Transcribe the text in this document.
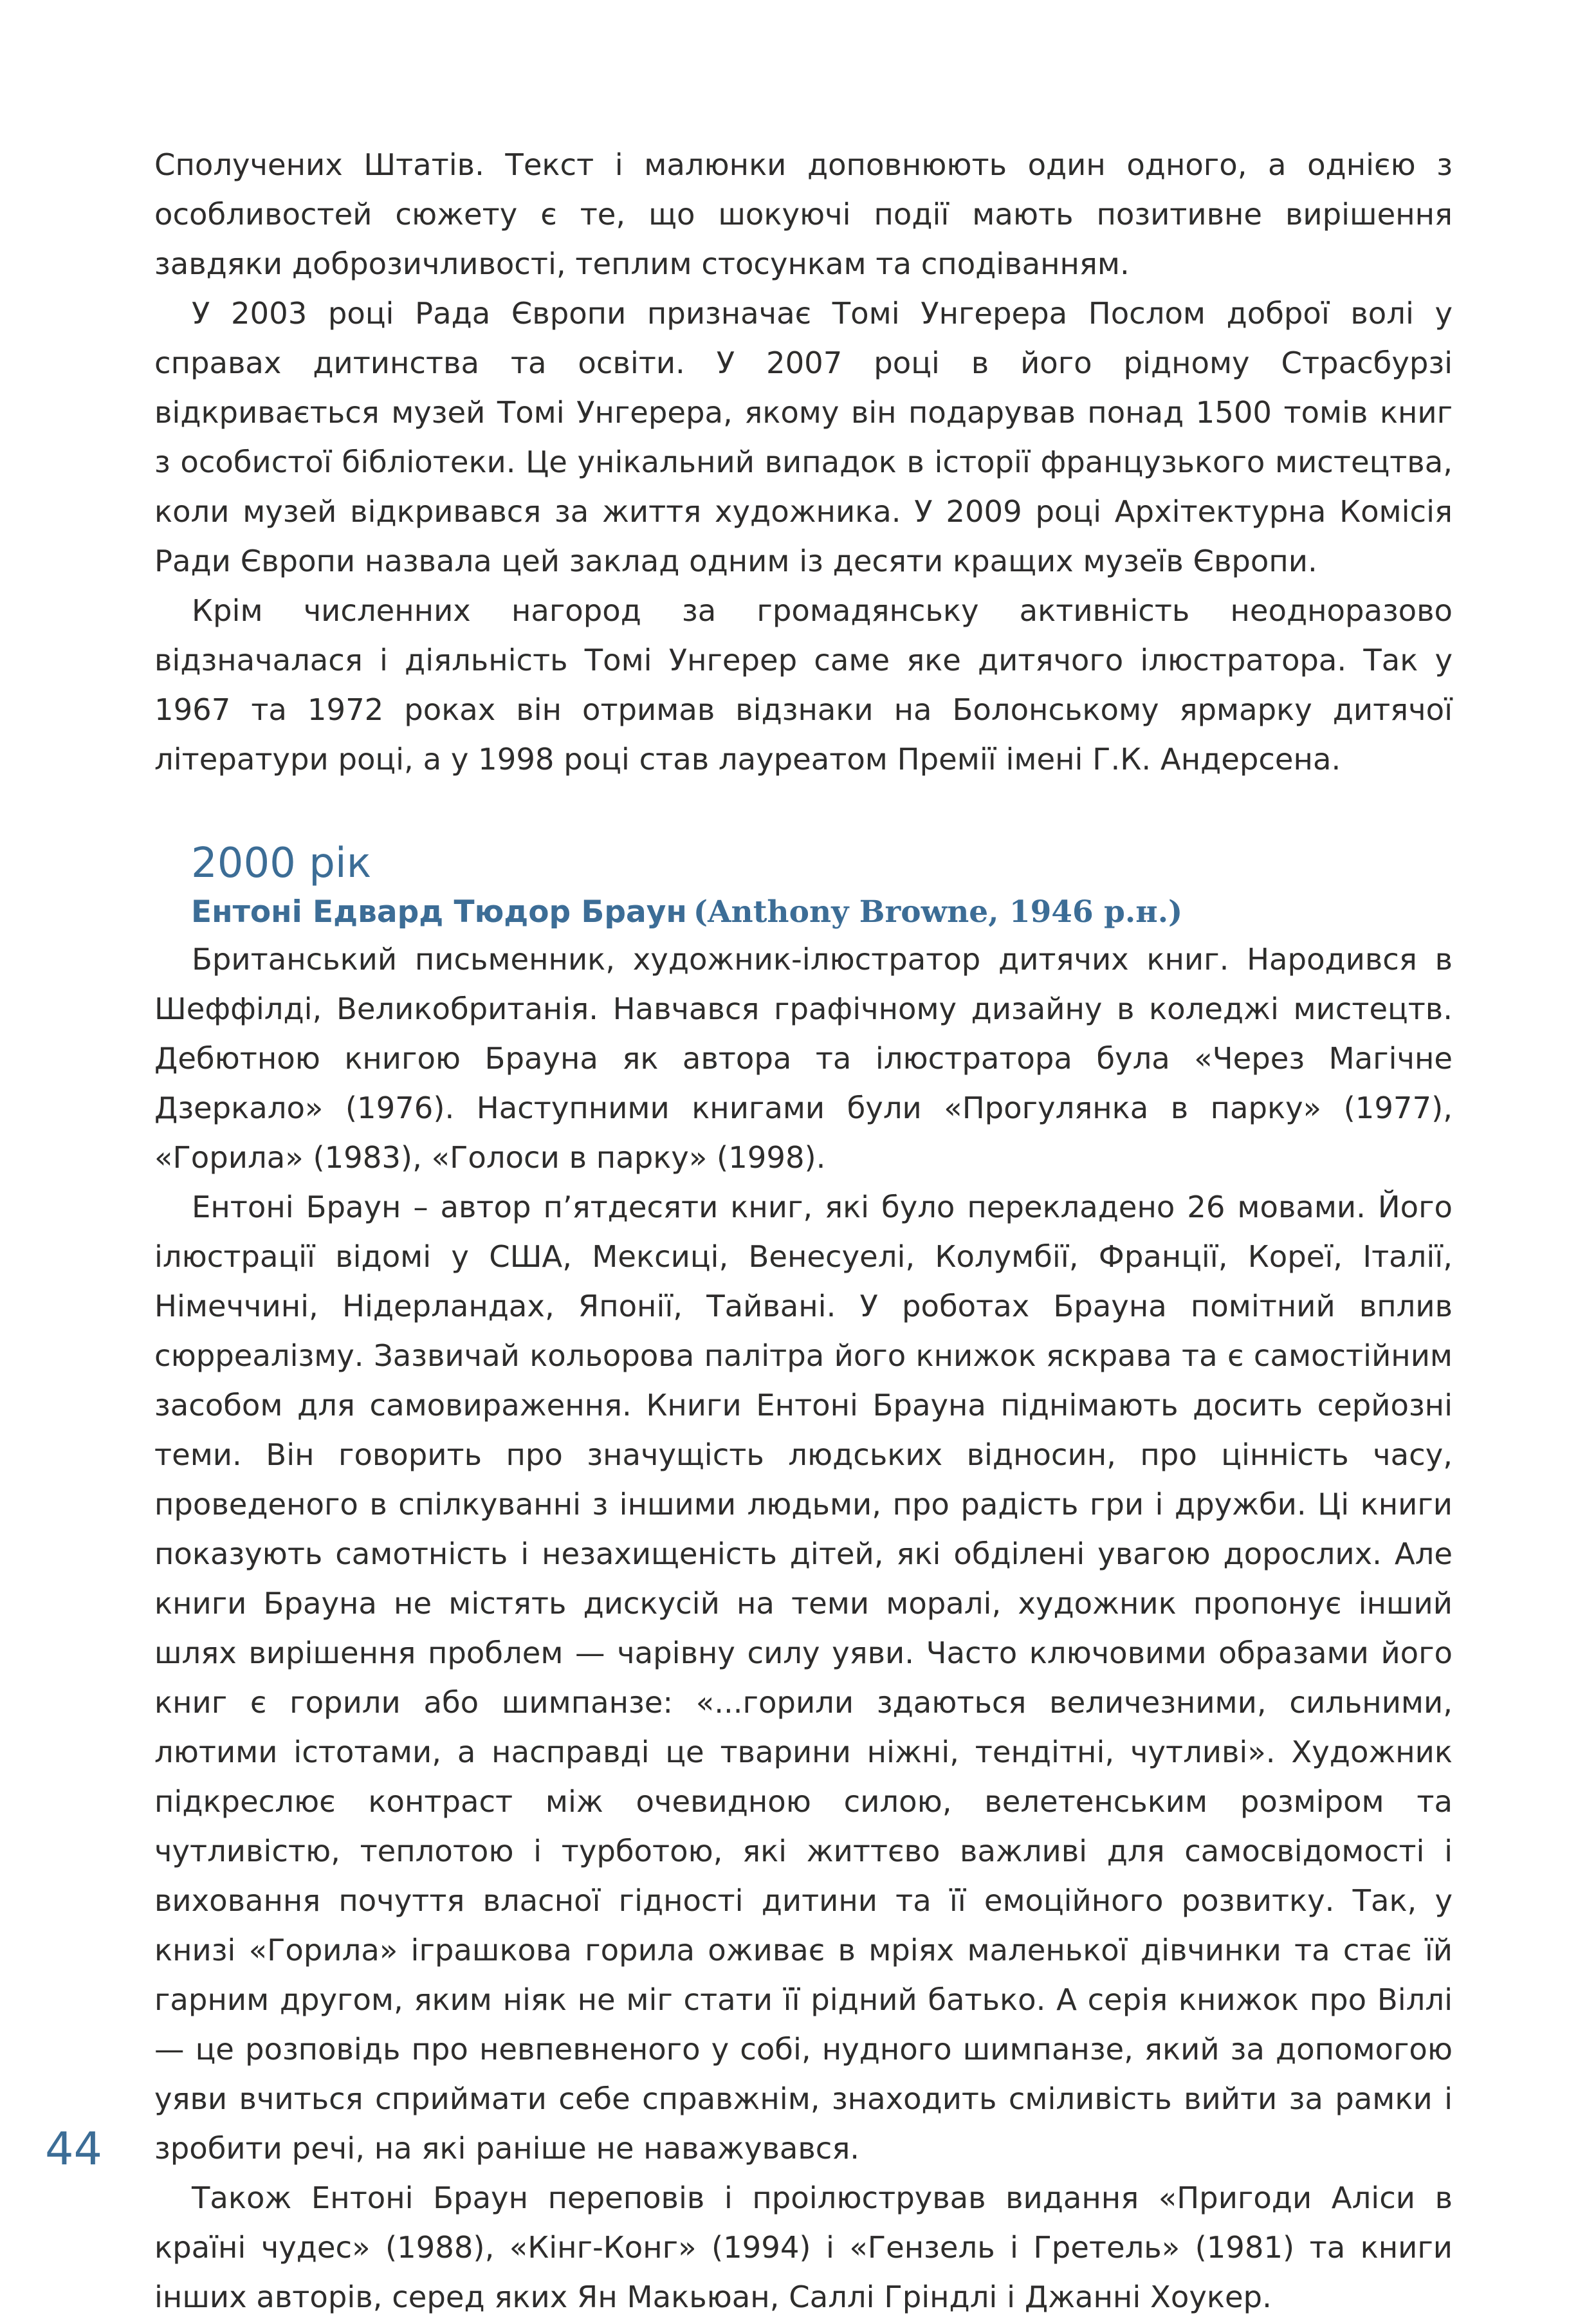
Сполучених Штатів. Текст і малюнки доповнюють один одного, а однією з особливостей сюжету є те, що шокуючі події мають позитивне вирішення завдяки доброзичливості, теплим стосункам та сподіванням.

У 2003 році Рада Європи призначає Томі Унгерера Послом доброї волі у справах дитинства та освіти. У 2007 році в його рідному Страсбурзі відкривається музей Томі Унгерера, якому він подарував понад 1500 томів книг з особистої бібліотеки. Це унікальний випадок в історії французького мистецтва, коли музей відкривався за життя художника. У 2009 році Архітектурна Комісія Ради Європи назвала цей заклад одним із десяти кращих музеїв Європи.

Крім численних нагород за громадянську активність неодноразово відзначалася і діяльність Томі Унгерер саме яке дитячого ілюстратора. Так у 1967 та 1972 роках він отримав відзнаки на Болонському ярмарку дитячої літератури році, а у 1998 році став лауреатом Премії імені Г.К. Андерсена.

2000 рік
Ентоні Едвард Тюдор Браун (Anthony Browne, 1946 р.н.)

Британський письменник, художник-ілюстратор дитячих книг. Народився в Шеффілді, Великобританія. Навчався графічному дизайну в коледжі мистецтв. Дебютною книгою Брауна як автора та ілюстратора була «Через Магічне Дзеркало» (1976). Наступними книгами були «Прогулянка в парку» (1977), «Горила» (1983), «Голоси в парку» (1998).

Ентоні Браун – автор п’ятдесяти книг, які було перекладено 26 мовами. Його ілюстрації відомі у США, Мексиці, Венесуелі, Колумбії, Франції, Кореї, Італії, Німеччині, Нідерландах, Японії, Тайвані. У роботах Брауна помітний вплив сюрреалізму. Зазвичай кольорова палітра його книжок яскрава та є самостійним засобом для самовираження. Книги Ентоні Брауна піднімають досить серйозні теми. Він говорить про значущість людських відносин, про цінність часу, проведеного в спілкуванні з іншими людьми, про радість гри і дружби. Ці книги показують самотність і незахищеність дітей, які обділені увагою дорослих. Але книги Брауна не містять дискусій на теми моралі, художник пропонує інший шлях вирішення проблем — чарівну силу уяви. Часто ключовими образами його книг є горили або шимпанзе: «...горили здаються величезними, сильними, лютими істотами, а насправді це тварини ніжні, тендітні, чутливі». Художник підкреслює контраст між очевидною силою, велетенським розміром та чутливістю, теплотою і турботою, які життєво важливі для самосвідомості і виховання почуття власної гідності дитини та її емоційного розвитку. Так, у книзі «Горила» іграшкова горила оживає в мріях маленької дівчинки та стає їй гарним другом, яким ніяк не міг стати її рідний батько. А серія книжок про Віллі — це розповідь про невпевненого у собі, нудного шимпанзе, який за допомогою уяви вчиться сприймати себе справжнім, знаходить сміливість вийти за рамки і зробити речі, на які раніше не наважувався.

Також Ентоні Браун переповів і проілюстрував видання «Пригоди Аліси в країні чудес» (1988), «Кінг-Конг» (1994) і «Гензель і Гретель» (1981) та книги інших авторів, серед яких Ян Макьюан, Саллі Гріндлі і Джанні Хоукер.

44
